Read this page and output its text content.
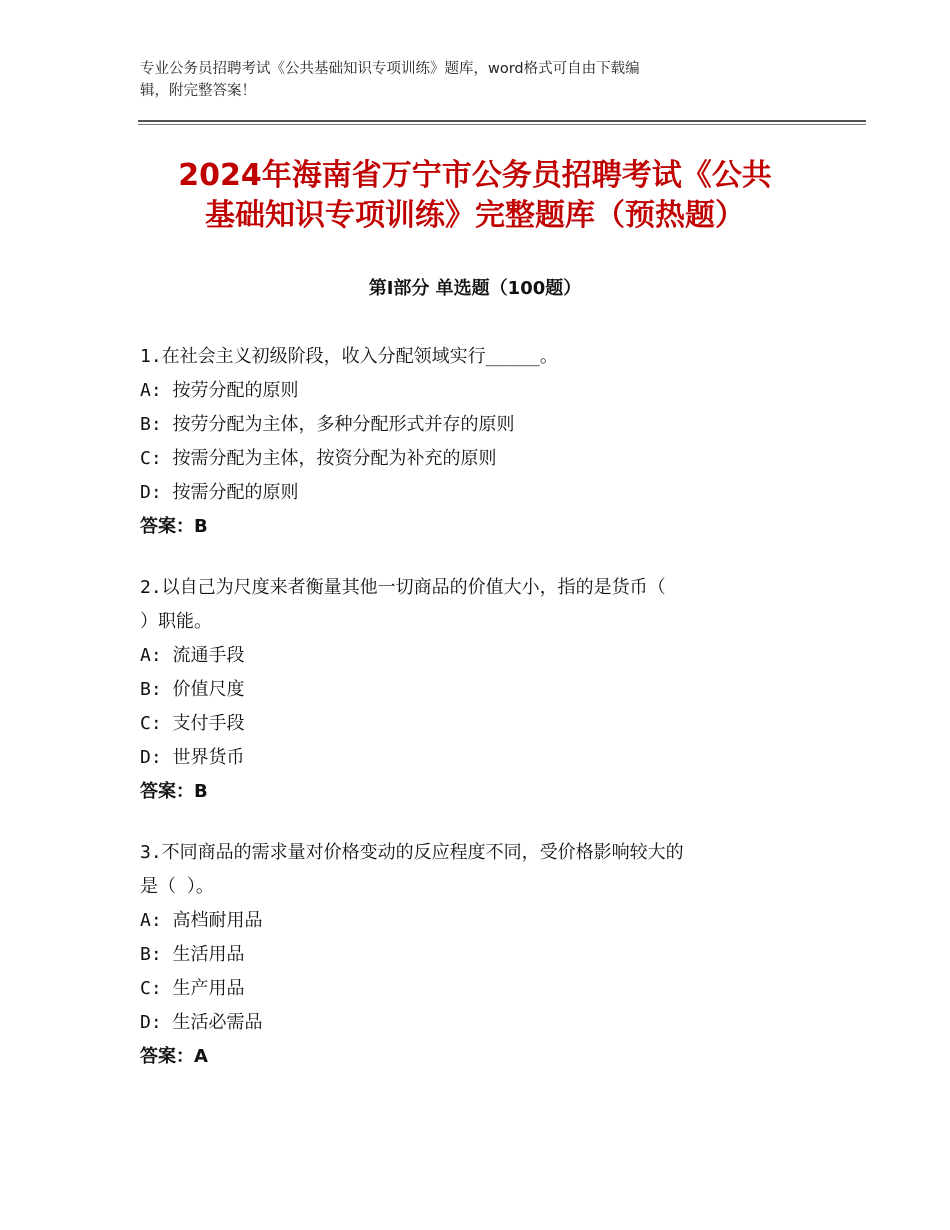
专业公务员招聘考试《公共基础知识专项训练》题库，word格式可自由下载编
辑，附完整答案！
2024年海南省万宁市公务员招聘考试《公共
基础知识专项训练》完整题库（预热题）
第Ⅰ部分 单选题（100题）
1.在社会主义初级阶段，收入分配领域实行_____。
A: 按劳分配的原则
B: 按劳分配为主体，多种分配形式并存的原则
C: 按需分配为主体，按资分配为补充的原则
D: 按需分配的原则
答案：B
2.以自己为尺度来者衡量其他一切商品的价值大小，指的是货币（
）职能。
A: 流通手段
B: 价值尺度
C: 支付手段
D: 世界货币
答案：B
3.不同商品的需求量对价格变动的反应程度不同，受价格影响较大的
是（ ）。
A: 高档耐用品
B: 生活用品
C: 生产用品
D: 生活必需品
答案：A
